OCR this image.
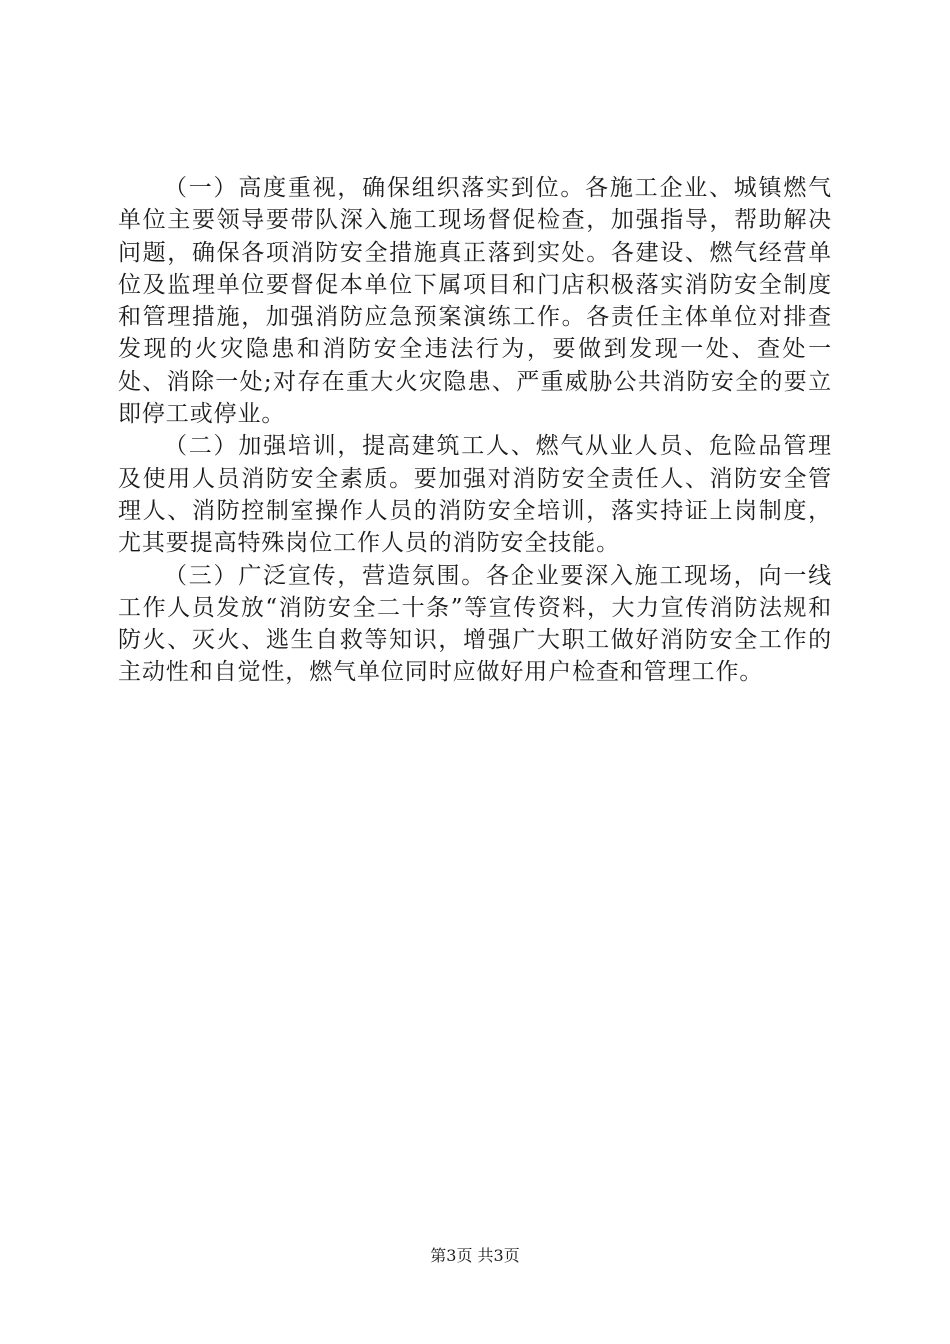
（一）高度重视，确保组织落实到位。各施工企业、城镇燃气单位主要领导要带队深入施工现场督促检查，加强指导，帮助解决问题，确保各项消防安全措施真正落到实处。各建设、燃气经营单位及监理单位要督促本单位下属项目和门店积极落实消防安全制度和管理措施，加强消防应急预案演练工作。各责任主体单位对排查发现的火灾隐患和消防安全违法行为，要做到发现一处、查处一处、消除一处;对存在重大火灾隐患、严重威胁公共消防安全的要立即停工或停业。

（二）加强培训，提高建筑工人、燃气从业人员、危险品管理及使用人员消防安全素质。要加强对消防安全责任人、消防安全管理人、消防控制室操作人员的消防安全培训，落实持证上岗制度，尤其要提高特殊岗位工作人员的消防安全技能。

（三）广泛宣传，营造氛围。各企业要深入施工现场，向一线工作人员发放“消防安全二十条”等宣传资料，大力宣传消防法规和防火、灭火、逃生自救等知识，增强广大职工做好消防安全工作的主动性和自觉性，燃气单位同时应做好用户检查和管理工作。

第3页 共3页
